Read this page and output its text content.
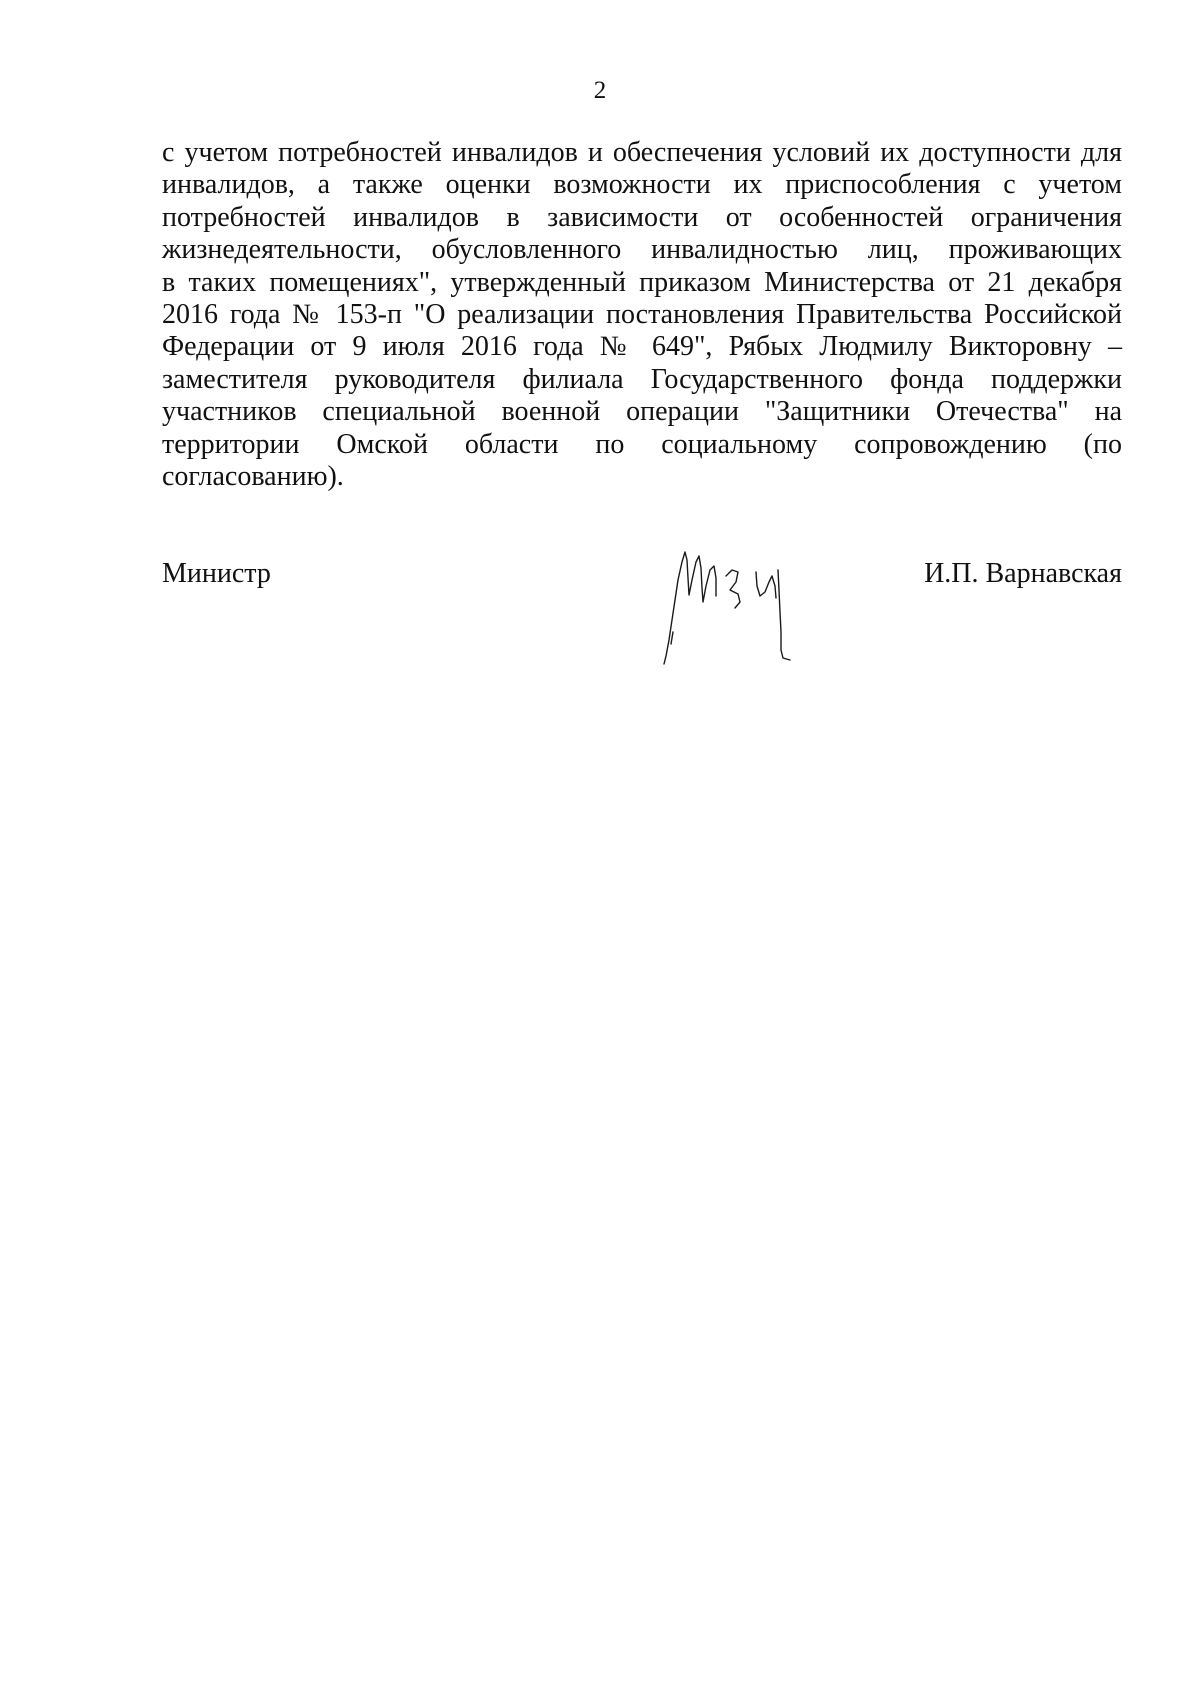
2
с учетом потребностей инвалидов и обеспечения условий их доступности для
инвалидов, а также оценки возможности их приспособления с учетом
потребностей инвалидов в зависимости от особенностей ограничения
жизнедеятельности, обусловленного инвалидностью лиц, проживающих
в таких помещениях", утвержденный приказом Министерства от 21 декабря
2016 года № 153-п "О реализации постановления Правительства Российской
Федерации от 9 июля 2016 года № 649", Рябых Людмилу Викторовну –
заместителя руководителя филиала Государственного фонда поддержки
участников специальной военной операции "Защитники Отечества" на
территории Омской области по социальному сопровождению (по
согласованию).
Министр	И.П. Варнавская
